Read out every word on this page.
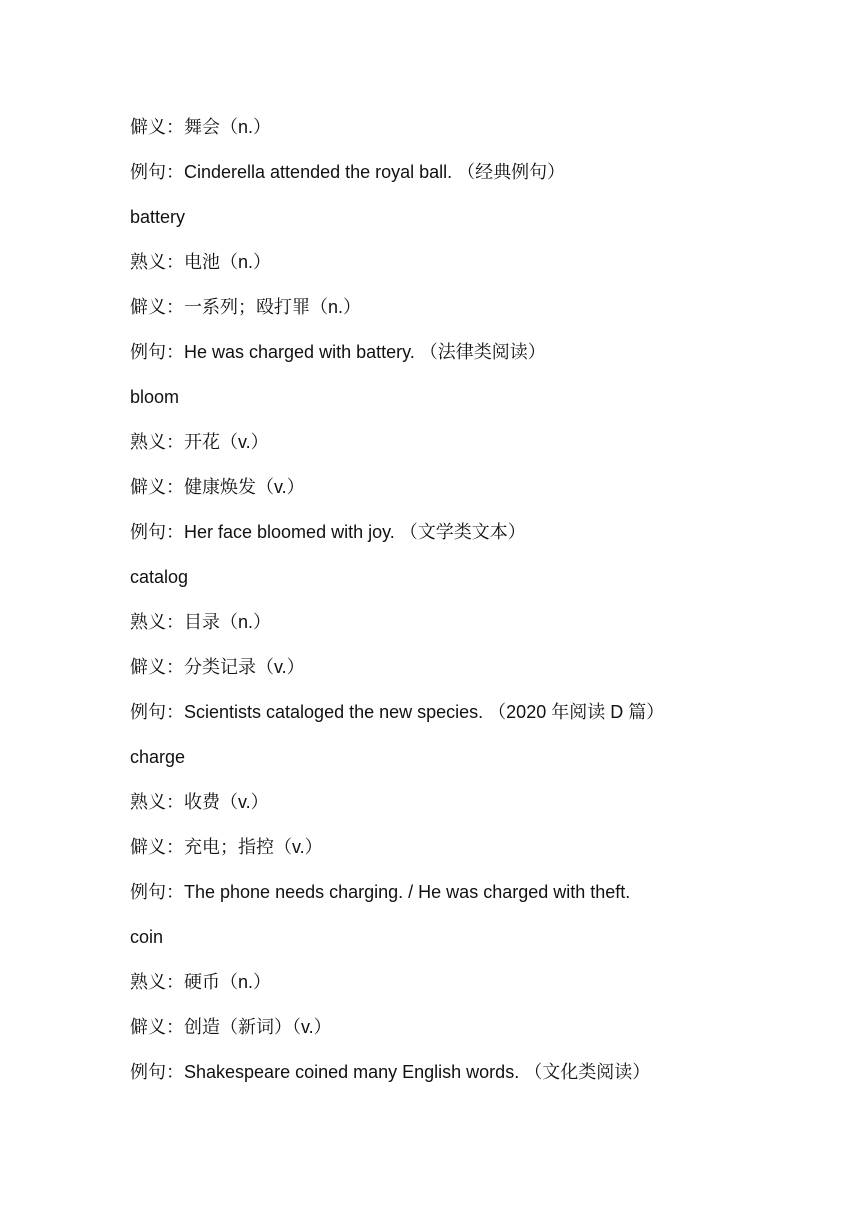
僻义：舞会（n.）
例句：Cinderella attended the royal ball. （经典例句）
battery
熟义：电池（n.）
僻义：一系列；殴打罪（n.）
例句：He was charged with battery. （法律类阅读）
bloom
熟义：开花（v.）
僻义：健康焕发（v.）
例句：Her face bloomed with joy. （文学类文本）
catalog
熟义：目录（n.）
僻义：分类记录（v.）
例句：Scientists cataloged the new species. （2020 年阅读 D 篇）
charge
熟义：收费（v.）
僻义：充电；指控（v.）
例句：The phone needs charging. / He was charged with theft.
coin
熟义：硬币（n.）
僻义：创造（新词）（v.）
例句：Shakespeare coined many English words. （文化类阅读）
